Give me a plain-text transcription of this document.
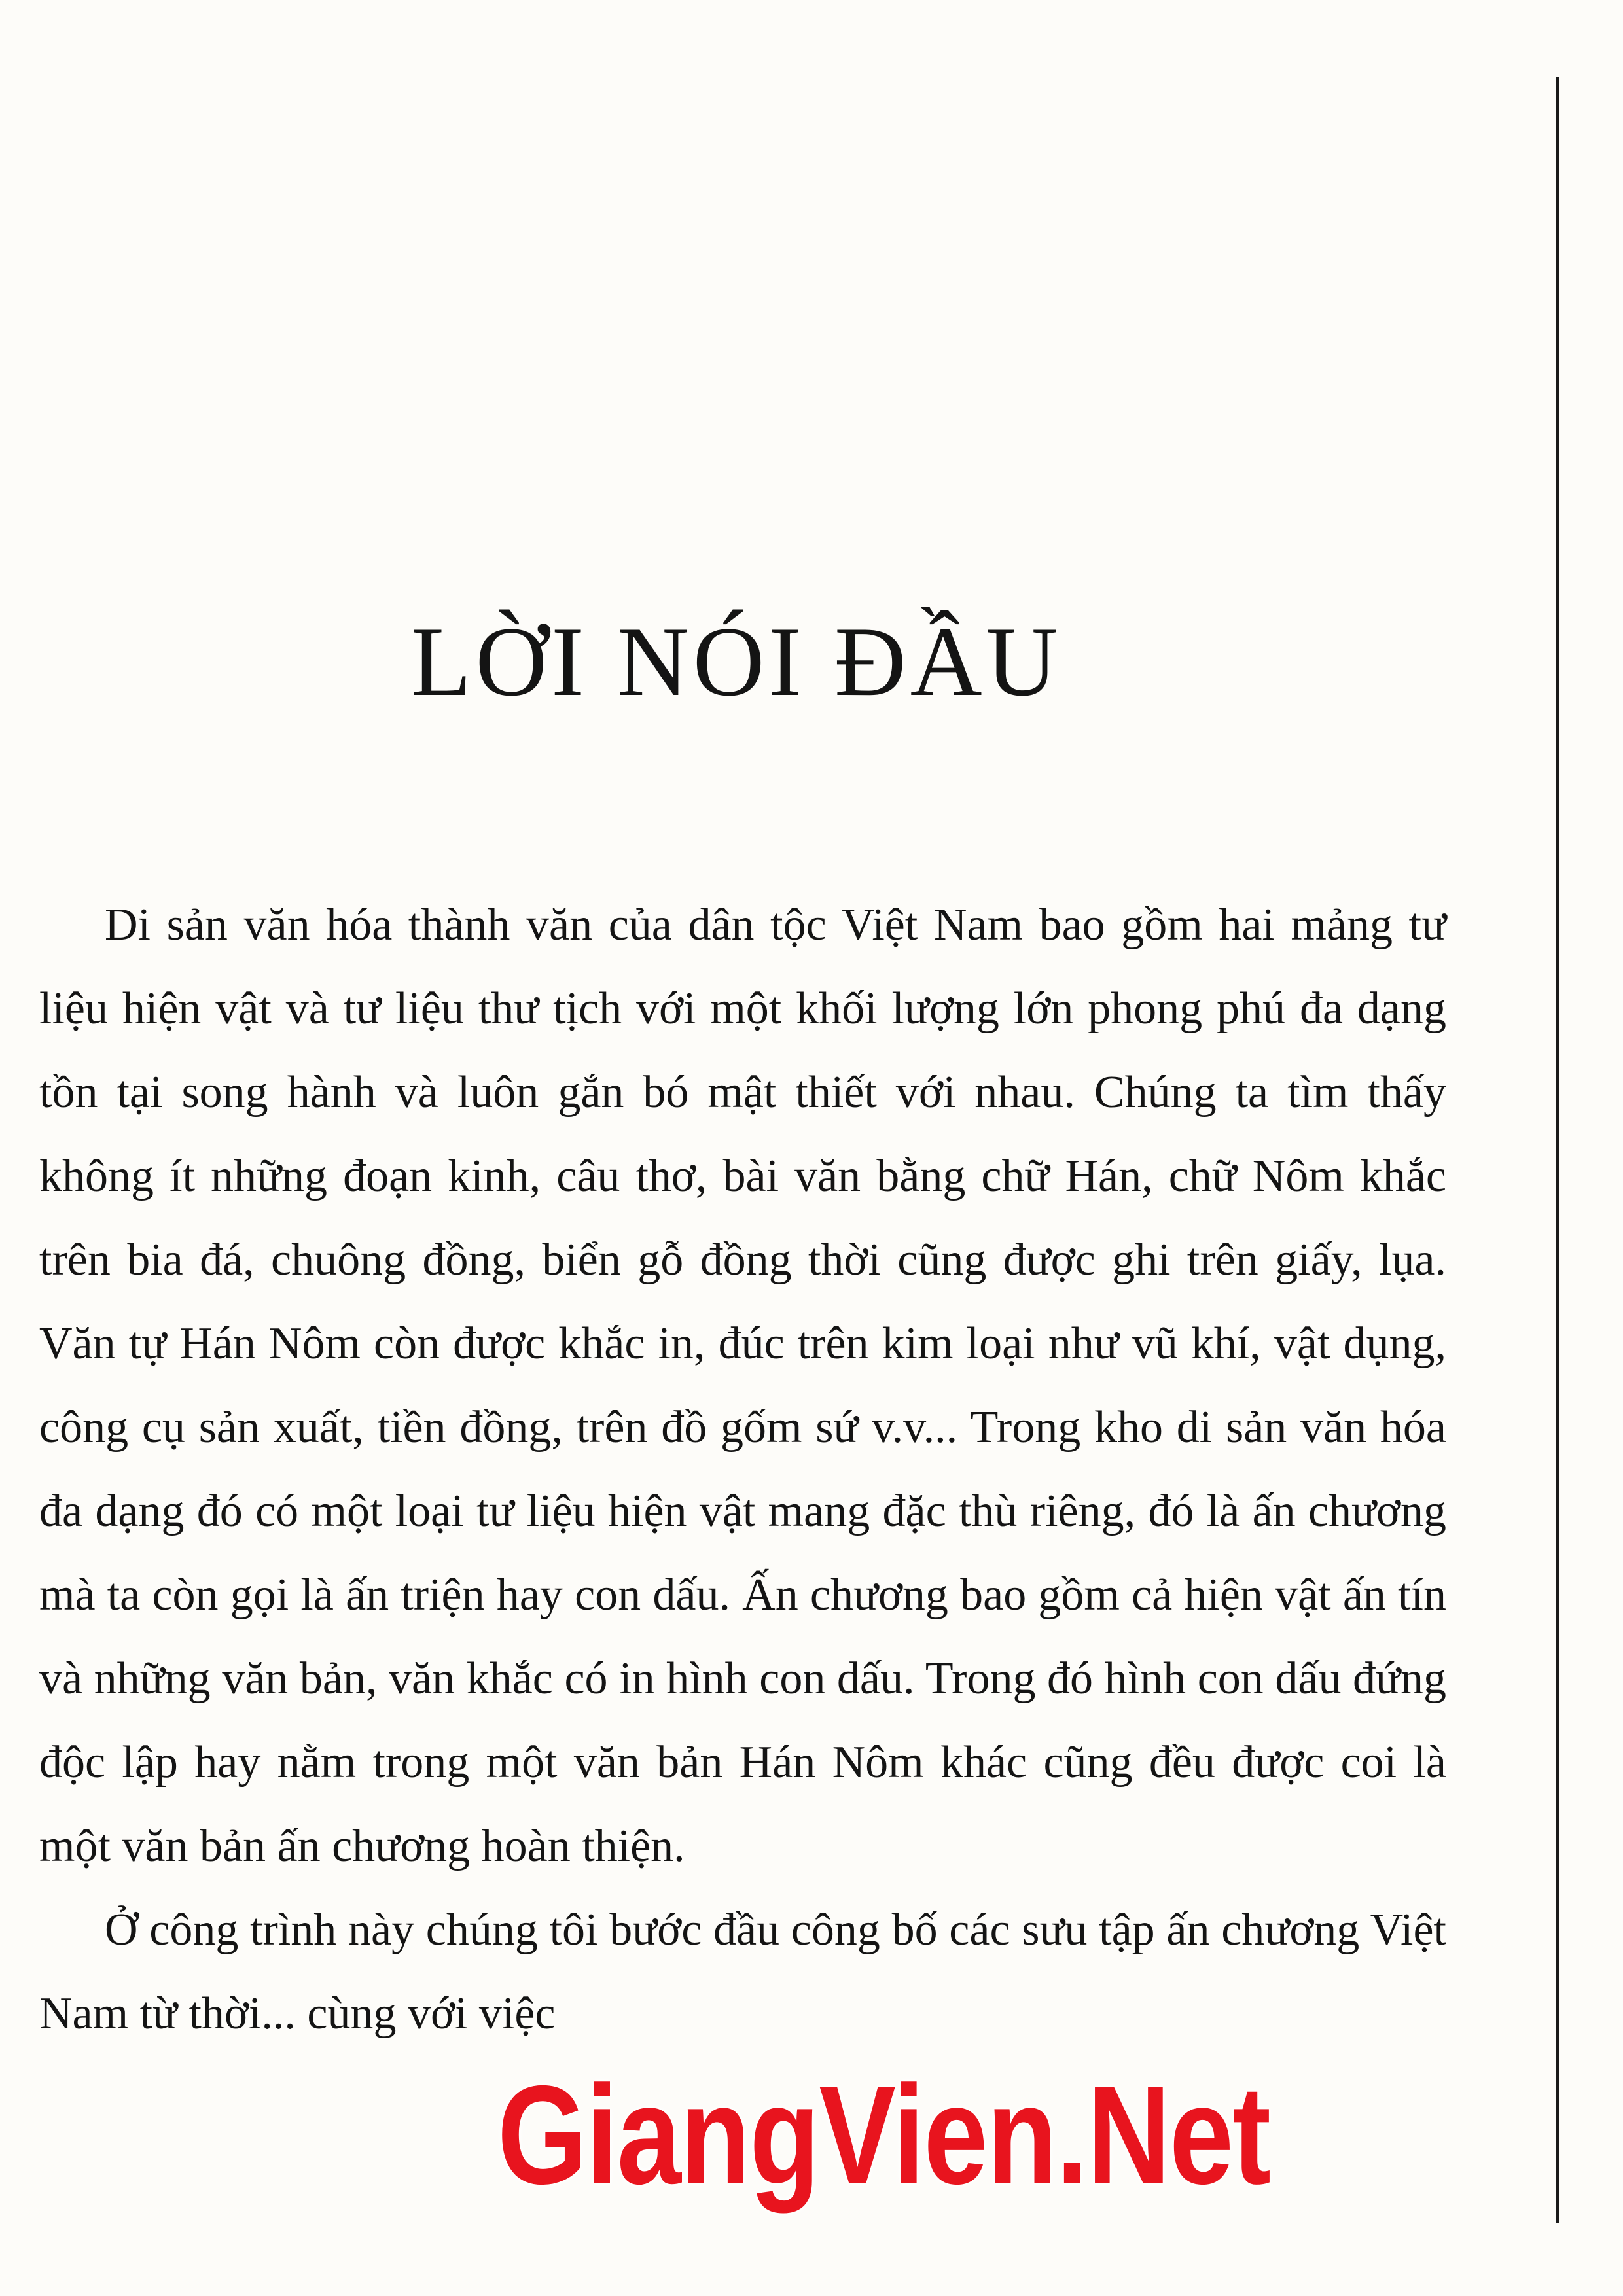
LỜI NÓI ĐẦU

Di sản văn hóa thành văn của dân tộc Việt Nam bao gồm hai mảng tư liệu hiện vật và tư liệu thư tịch với một khối lượng lớn phong phú đa dạng tồn tại song hành và luôn gắn bó mật thiết với nhau. Chúng ta tìm thấy không ít những đoạn kinh, câu thơ, bài văn bằng chữ Hán, chữ Nôm khắc trên bia đá, chuông đồng, biển gỗ đồng thời cũng được ghi trên giấy, lụa. Văn tự Hán Nôm còn được khắc in, đúc trên kim loại như vũ khí, vật dụng, công cụ sản xuất, tiền đồng, trên đồ gốm sứ v.v... Trong kho di sản văn hóa đa dạng đó có một loại tư liệu hiện vật mang đặc thù riêng, đó là ấn chương mà ta còn gọi là ấn triện hay con dấu. Ấn chương bao gồm cả hiện vật ấn tín và những văn bản, văn khắc có in hình con dấu. Trong đó hình con dấu đứng độc lập hay nằm trong một văn bản Hán Nôm khác cũng đều được coi là một văn bản ấn chương hoàn thiện.

Ở công trình này chúng tôi bước đầu công bố các sưu tập ấn chương Việt Nam từ thời... cùng với việc

GiangVien.Net
